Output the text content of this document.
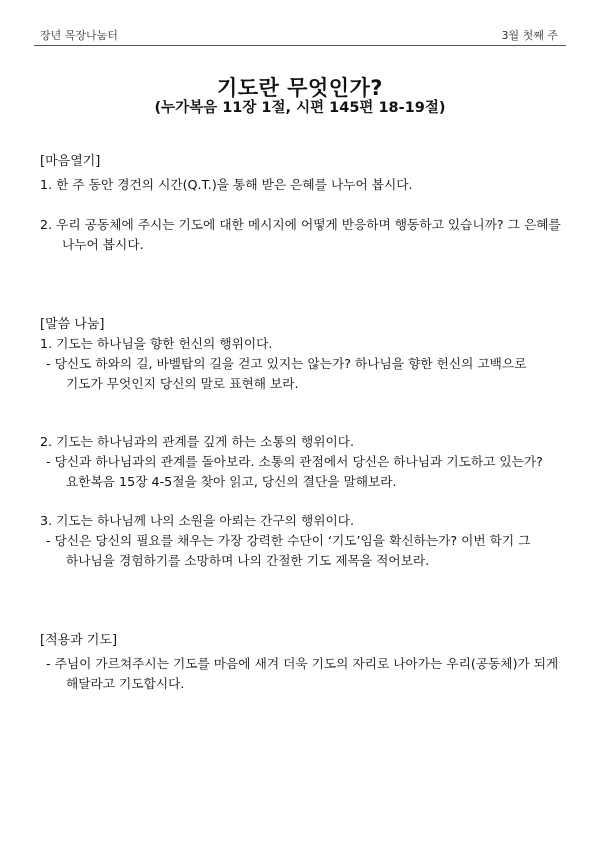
장년 목장나눔터	3월 첫째 주
기도란 무엇인가?
(누가복음 11장 1절, 시편 145편 18-19절)
[마음열기]
1. 한 주 동안 경건의 시간(Q.T.)을 통해 받은 은혜를 나누어 봅시다.
2. 우리 공동체에 주시는 기도에 대한 메시지에 어떻게 반응하며 행동하고 있습니까? 그 은혜를
나누어 봅시다.
[말씀 나눔]
1. 기도는 하나님을 향한 헌신의 행위이다.
- 당신도 하와의 길, 바벨탑의 길을 걷고 있지는 않는가? 하나님을 향한 헌신의 고백으로
기도가 무엇인지 당신의 말로 표현해 보라.
2. 기도는 하나님과의 관계를 깊게 하는 소통의 행위이다.
- 당신과 하나님과의 관계를 돌아보라. 소통의 관점에서 당신은 하나님과 기도하고 있는가?
요한복음 15장 4-5절을 찾아 읽고, 당신의 결단을 말해보라.
3. 기도는 하나님께 나의 소원을 아뢰는 간구의 행위이다.
- 당신은 당신의 필요를 채우는 가장 강력한 수단이 ‘기도’임을 확신하는가? 이번 학기 그
하나님을 경험하기를 소망하며 나의 간절한 기도 제목을 적어보라.
[적용과 기도]
- 주님이 가르쳐주시는 기도를 마음에 새겨 더욱 기도의 자리로 나아가는 우리(공동체)가 되게
해달라고 기도합시다.
